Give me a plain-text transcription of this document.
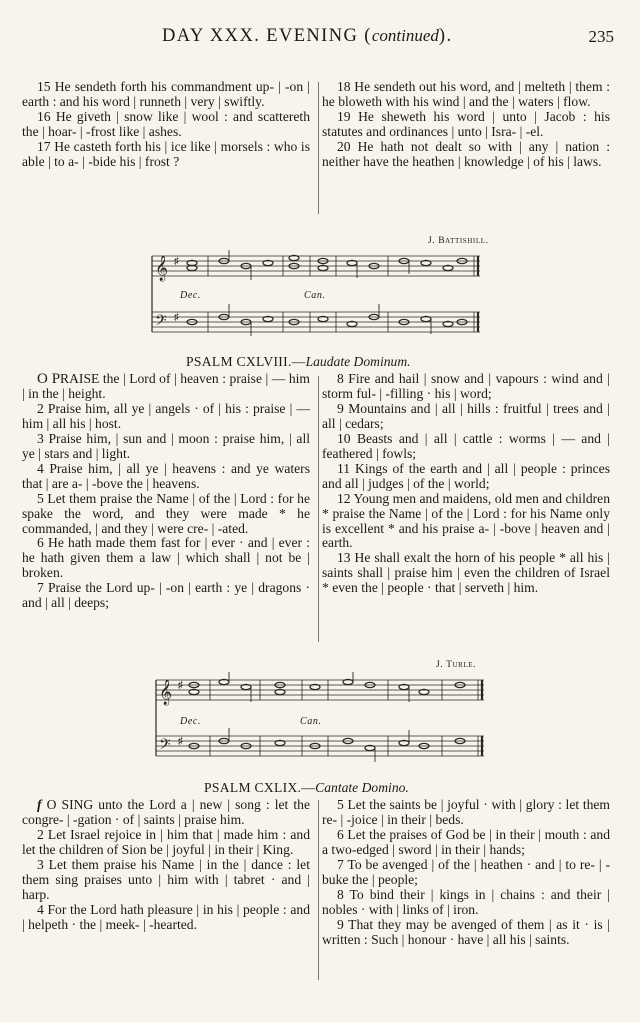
DAY XXX. EVENING (continued).	235

15 He sendeth forth his commandment up- | -on | earth : and his word | runneth | very | swiftly.

16 He giveth | snow like | wool : and scattereth the | hoar- | -frost like | ashes.

17 He casteth forth his | ice like | morsels : who is able | to a- | -bide his | frost ?

18 He sendeth out his word, and | melteth | them : he bloweth with his wind | and the | waters | flow.

19 He sheweth his word | unto | Jacob : his statutes and ordinances | unto | Isra- | -el.

20 He hath not dealt so with | any | nation : neither have the heathen | knowledge | of his | laws.

J. Battishill.
𝄞
𝄢
♯
♯
Dec.	Can.
PSALM CXLVIII.—Laudate Dominum.

O PRAISE the | Lord of | heaven : praise | — him | in the | height.

2 Praise him, all ye | angels · of | his : praise | — him | all his | host.

3 Praise him, | sun and | moon : praise him, | all ye | stars and | light.

4 Praise him, | all ye | heavens : and ye waters that | are a- | -bove the | heavens.

5 Let them praise the Name | of the | Lord : for he spake the word, and they were made * he commanded, | and they | were cre- | -ated.

6 He hath made them fast for | ever · and | ever : he hath given them a law | which shall | not be | broken.

7 Praise the Lord up- | -on | earth : ye | dragons · and | all | deeps;

8 Fire and hail | snow and | vapours : wind and | storm ful- | -filling · his | word;

9 Mountains and | all | hills : fruitful | trees and | all | cedars;

10 Beasts and | all | cattle : worms | — and | feathered | fowls;

11 Kings of the earth and | all | people : princes and all | judges | of the | world;

12 Young men and maidens, old men and children * praise the Name | of the | Lord : for his Name only is excellent * and his praise a- | -bove | heaven and | earth.

13 He shall exalt the horn of his people * all his | saints shall | praise him | even the children of Israel * even the | people · that | serveth | him.

J. Turle.
𝄞
𝄢
♯
♯
Dec.	Can.
PSALM CXLIX.—Cantate Domino.

f O SING unto the Lord a | new | song : let the congre- | -gation · of | saints | praise him.

2 Let Israel rejoice in | him that | made him : and let the children of Sion be | joyful | in their | King.

3 Let them praise his Name | in the | dance : let them sing praises unto | him with | tabret · and | harp.

4 For the Lord hath pleasure | in his | people : and | helpeth · the | meek- | -hearted.

5 Let the saints be | joyful · with | glory : let them re- | -joice | in their | beds.

6 Let the praises of God be | in their | mouth : and a two-edged | sword | in their | hands;

7 To be avenged | of the | heathen · and | to re- | -buke the | people;

8 To bind their | kings in | chains : and their | nobles · with | links of | iron.

9 That they may be avenged of them | as it · is | written : Such | honour · have | all his | saints.
